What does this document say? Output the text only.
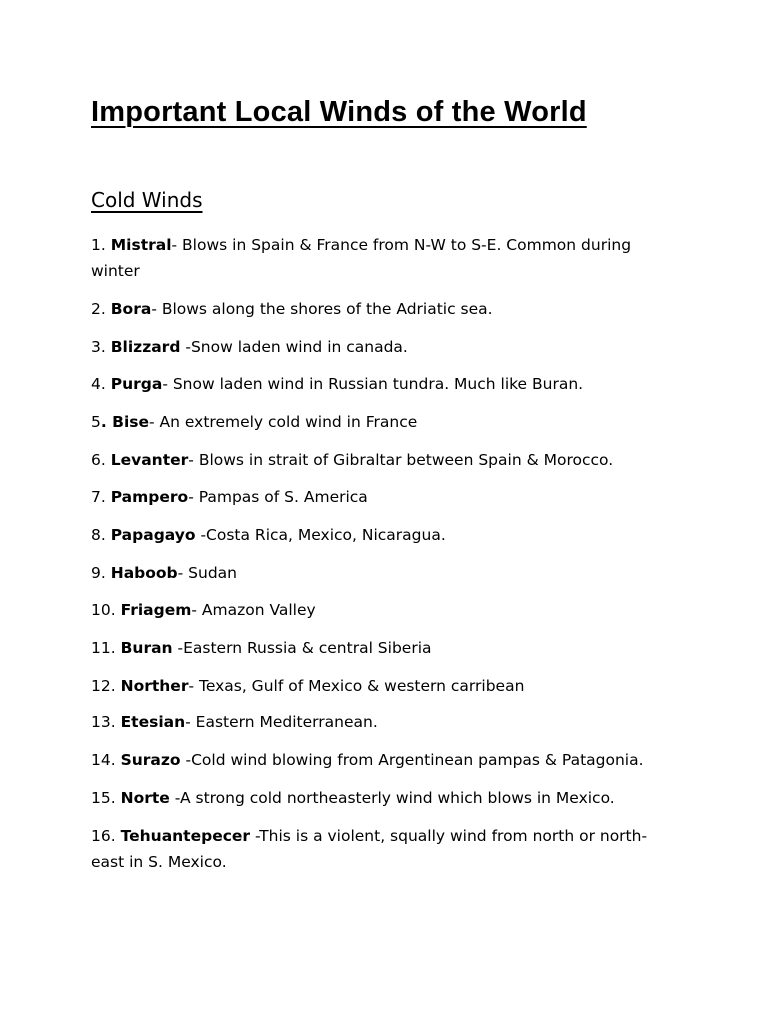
Important Local Winds of the World
Cold Winds
1. Mistral- Blows in Spain & France from N-W to S-E. Common during winter
2. Bora- Blows along the shores of the Adriatic sea.
3. Blizzard -Snow laden wind in canada.
4. Purga- Snow laden wind in Russian tundra. Much like Buran.
5. Bise- An extremely cold wind in France
6. Levanter- Blows in strait of Gibraltar between Spain & Morocco.
7. Pampero- Pampas of S. America
8. Papagayo -Costa Rica, Mexico, Nicaragua.
9. Haboob- Sudan
10. Friagem- Amazon Valley
11. Buran -Eastern Russia & central Siberia
12. Norther- Texas, Gulf of Mexico & western carribean
13. Etesian- Eastern Mediterranean.
14. Surazo -Cold wind blowing from Argentinean pampas & Patagonia.
15. Norte -A strong cold northeasterly wind which blows in Mexico.
16. Tehuantepecer -This is a violent, squally wind from north or north-east in S. Mexico.
